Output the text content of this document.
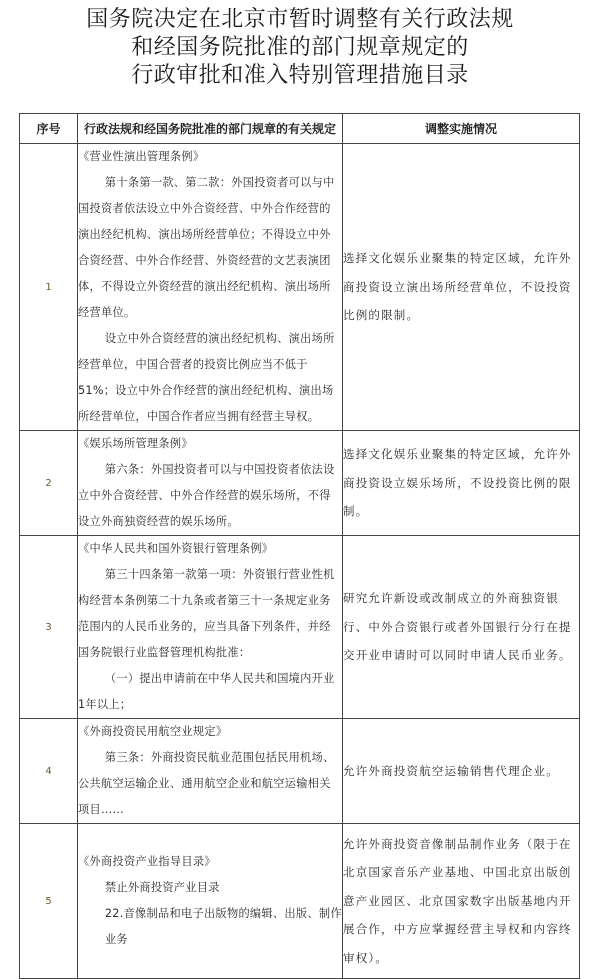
国务院决定在北京市暂时调整有关行政法规
和经国务院批准的部门规章规定的
行政审批和准入特别管理措施目录
序号	行政法规和经国务院批准的部门规章的有关规定	调整实施情况
1	《营业性演出管理条例》
第十条第一款、第二款：外国投资者可以与中国投资者依法设立中外合资经营、中外合作经营的演出经纪机构、演出场所经营单位；不得设立中外合资经营、中外合作经营、外资经营的文艺表演团体，不得设立外资经营的演出经纪机构、演出场所经营单位。
设立中外合资经营的演出经纪机构、演出场所经营单位，中国合营者的投资比例应当不低于51%；设立中外合作经营的演出经纪机构、演出场所经营单位，中国合作者应当拥有经营主导权。	选择文化娱乐业聚集的特定区域，允许外商投资设立演出场所经营单位，不设投资比例的限制。
2	《娱乐场所管理条例》
第六条：外国投资者可以与中国投资者依法设立中外合资经营、中外合作经营的娱乐场所，不得设立外商独资经营的娱乐场所。	选择文化娱乐业聚集的特定区域，允许外商投资设立娱乐场所，不设投资比例的限制。
3	《中华人民共和国外资银行管理条例》
第三十四条第一款第一项：外资银行营业性机构经营本条例第二十九条或者第三十一条规定业务范围内的人民币业务的，应当具备下列条件，并经国务院银行业监督管理机构批准：
（一）提出申请前在中华人民共和国境内开业1年以上；	研究允许新设或改制成立的外商独资银行、中外合资银行或者外国银行分行在提交开业申请时可以同时申请人民币业务。
4	《外商投资民用航空业规定》
第三条：外商投资民航业范围包括民用机场、公共航空运输企业、通用航空企业和航空运输相关项目……	允许外商投资航空运输销售代理企业。
5	《外商投资产业指导目录》
禁止外商投资产业目录
22.音像制品和电子出版物的编辑、出版、制作业务	允许外商投资音像制品制作业务（限于在北京国家音乐产业基地、中国北京出版创意产业园区、北京国家数字出版基地内开展合作，中方应掌握经营主导权和内容终审权）。
